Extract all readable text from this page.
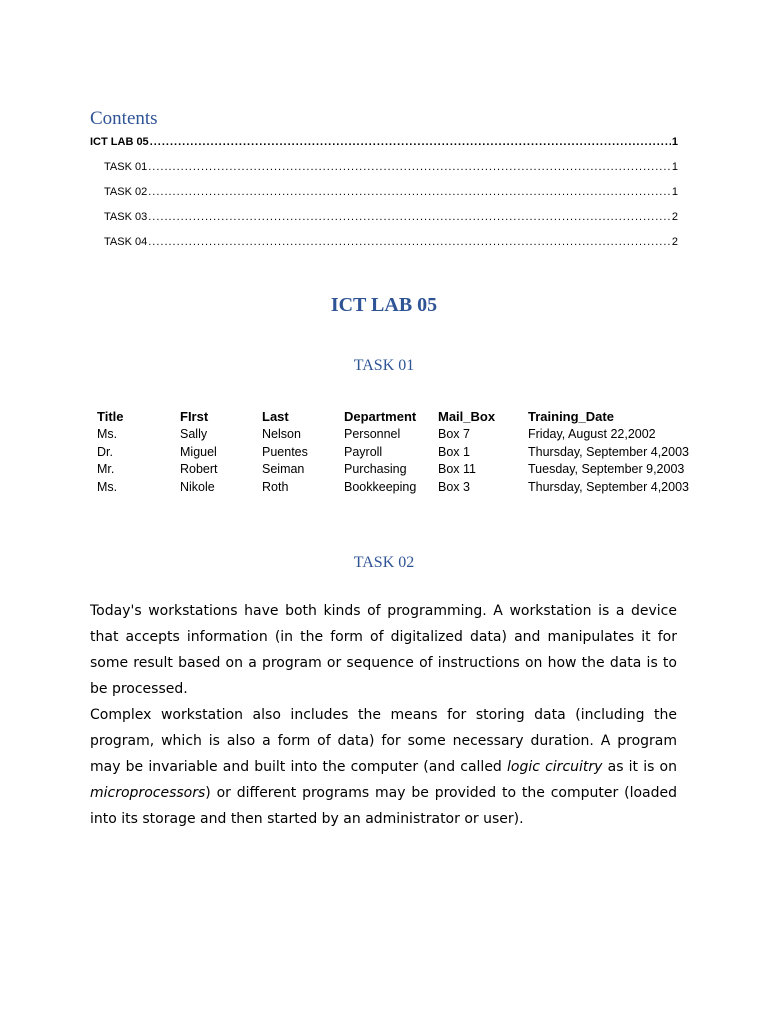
Contents
ICT LAB 05 .....	1
TASK 01 .....	1
TASK 02 .....	1
TASK 03 .....	2
TASK 04 .....	2
ICT LAB 05
TASK 01
Title	FIrst	Last	Department	Mail_Box	Training_Date
Ms.	Sally	Nelson	Personnel	Box 7	Friday, August 22,2002
Dr.	Miguel	Puentes	Payroll	Box 1	Thursday, September 4,2003
Mr.	Robert	Seiman	Purchasing	Box 11	Tuesday, September 9,2003
Ms.	Nikole	Roth	Bookkeeping	Box 3	Thursday, September 4,2003
TASK 02

Today's workstations have both kinds of programming. A workstation is a device that accepts information (in the form of digitalized data) and manipulates it for some result based on a program or sequence of instructions on how the data is to be processed.

Complex workstation also includes the means for storing data (including the program, which is also a form of data) for some necessary duration. A program may be invariable and built into the computer (and called logic circuitry as it is on microprocessors) or different programs may be provided to the computer (loaded into its storage and then started by an administrator or user).
